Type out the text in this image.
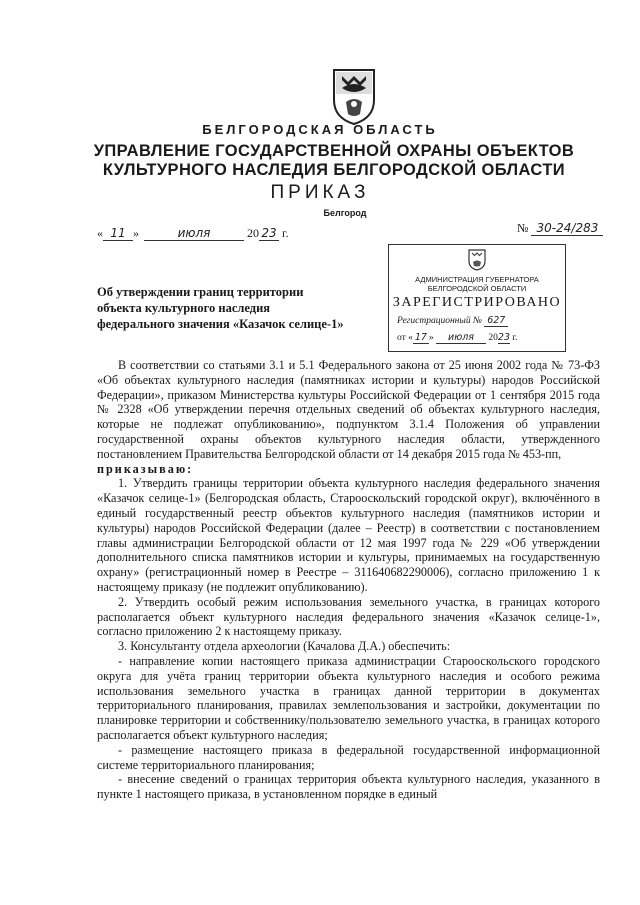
БЕЛГОРОДСКАЯ ОБЛАСТЬ
УПРАВЛЕНИЕ ГОСУДАРСТВЕННОЙ ОХРАНЫ ОБЪЕКТОВ
КУЛЬТУРНОГО НАСЛЕДИЯ БЕЛГОРОДСКОЙ ОБЛАСТИ
ПРИКАЗ
Белгород
« 11 »	июля	20 23 г.	№ 30-24/283
Об утверждении границ территории
объекта культурного наследия
федерального значения «Казачок селице-1»
АДМИНИСТРАЦИЯ ГУБЕРНАТОРА
БЕЛГОРОДСКОЙ ОБЛАСТИ
ЗАРЕГИСТРИРОВАНО
Регистрационный № 627
от « 17 » июля 2023 г.

В соответствии со статьями 3.1 и 5.1 Федерального закона от 25 июня 2002 года № 73-ФЗ «Об объектах культурного наследия (памятниках истории и культуры) народов Российской Федерации», приказом Министерства культуры Российской Федерации от 1 сентября 2015 года № 2328 «Об утверждении перечня отдельных сведений об объектах культурного наследия, которые не подлежат опубликованию», подпунктом 3.1.4 Положения об управлении государственной охраны объектов культурного наследия области, утвержденного постановлением Правительства Белгородской области от 14 декабря 2015 года № 453-пп,

приказываю:

1. Утвердить границы территории объекта культурного наследия федерального значения «Казачок селице-1» (Белгородская область, Старооскольский городской округ), включённого в единый государственный реестр объектов культурного наследия (памятников истории и культуры) народов Российской Федерации (далее – Реестр) в соответствии с постановлением главы администрации Белгородской области от 12 мая 1997 года № 229 «Об утверждении дополнительного списка памятников истории и культуры, принимаемых на государственную охрану» (регистрационный номер в Реестре – 311640682290006), согласно приложению 1 к настоящему приказу (не подлежит опубликованию).

2. Утвердить особый режим использования земельного участка, в границах которого располагается объект культурного наследия федерального значения «Казачок селице-1», согласно приложению 2 к настоящему приказу.

3. Консультанту отдела археологии (Качалова Д.А.) обеспечить:

- направление копии настоящего приказа администрации Старооскольского городского округа для учёта границ территории объекта культурного наследия и особого режима использования земельного участка в границах данной территории в документах территориального планирования, правилах землепользования и застройки, документации по планировке территории и собственнику/пользователю земельного участка, в границах которого располагается объект культурного наследия;

- размещение настоящего приказа в федеральной государственной информационной системе территориального планирования;

- внесение сведений о границах территория объекта культурного наследия, указанного в пункте 1 настоящего приказа, в установленном порядке в единый
